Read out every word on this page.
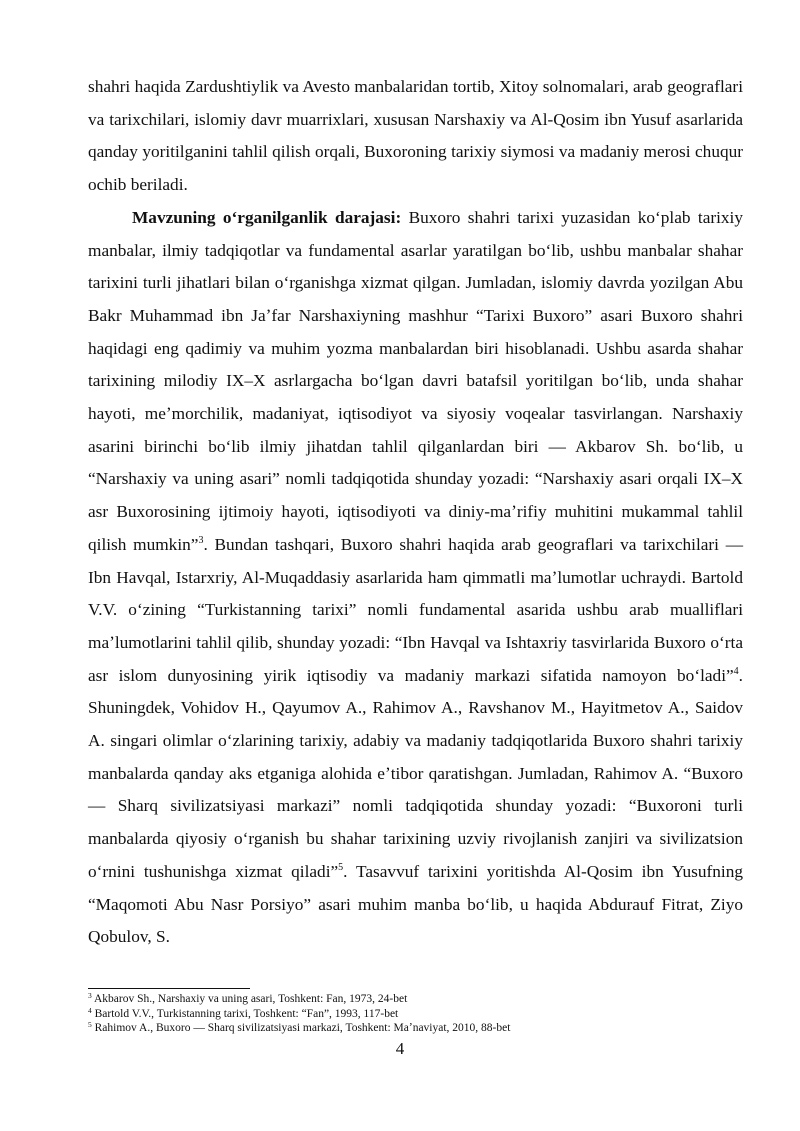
shahri haqida Zardushtiylik va Avesto manbalaridan tortib, Xitoy solnomalari, arab geograflari va tarixchilari, islomiy davr muarrixlari, xususan Narshaxiy va Al-Qosim ibn Yusuf asarlarida qanday yoritilganini tahlil qilish orqali, Buxoroning tarixiy siymosi va madaniy merosi chuqur ochib beriladi.

Mavzuning oʻrganilganlik darajasi: Buxoro shahri tarixi yuzasidan koʻplab tarixiy manbalar, ilmiy tadqiqotlar va fundamental asarlar yaratilgan boʻlib, ushbu manbalar shahar tarixini turli jihatlari bilan oʻrganishga xizmat qilgan. Jumladan, islomiy davrda yozilgan Abu Bakr Muhammad ibn Jaʼfar Narshaxiyning mashhur “Tarixi Buxoro” asari Buxoro shahri haqidagi eng qadimiy va muhim yozma manbalardan biri hisoblanadi. Ushbu asarda shahar tarixining milodiy IX–X asrlargacha boʻlgan davri batafsil yoritilgan boʻlib, unda shahar hayoti, meʼmorchilik, madaniyat, iqtisodiyot va siyosiy voqealar tasvirlangan. Narshaxiy asarini birinchi boʻlib ilmiy jihatdan tahlil qilganlardan biri — Akbarov Sh. boʻlib, u “Narshaxiy va uning asari” nomli tadqiqotida shunday yozadi: “Narshaxiy asari orqali IX–X asr Buxorosining ijtimoiy hayoti, iqtisodiyoti va diniy-maʼrifiy muhitini mukammal tahlil qilish mumkin”$^3$. Bundan tashqari, Buxoro shahri haqida arab geograflari va tarixchilari — Ibn Havqal, Istarxriy, Al-Muqaddasiy asarlarida ham qimmatli maʼlumotlar uchraydi. Bartold V.V. oʻzining “Turkistanning tarixi” nomli fundamental asarida ushbu arab mualliflari maʼlumotlarini tahlil qilib, shunday yozadi: “Ibn Havqal va Ishtaxriy tasvirlarida Buxoro oʻrta asr islom dunyosining yirik iqtisodiy va madaniy markazi sifatida namoyon boʻladi”$^4$. Shuningdek, Vohidov H., Qayumov A., Rahimov A., Ravshanov M., Hayitmetov A., Saidov A. singari olimlar oʻzlarining tarixiy, adabiy va madaniy tadqiqotlarida Buxoro shahri tarixiy manbalarda qanday aks etganiga alohida eʼtibor qaratishgan. Jumladan, Rahimov A. “Buxoro — Sharq sivilizatsiyasi markazi” nomli tadqiqotida shunday yozadi: “Buxoroni turli manbalarda qiyosiy oʻrganish bu shahar tarixining uzviy rivojlanish zanjiri va sivilizatsion oʻrnini tushunishga xizmat qiladi”$^5$. Tasavvuf tarixini yoritishda Al-Qosim ibn Yusufning “Maqomoti Abu Nasr Porsiyo” asari muhim manba boʻlib, u haqida Abdurauf Fitrat, Ziyo Qobulov, S.

$^3$ Akbarov Sh., Narshaxiy va uning asari, Toshkent: Fan, 1973, 24-bet
$^4$ Bartold V.V., Turkistanning tarixi, Toshkent: “Fan”, 1993, 117-bet
$^5$ Rahimov A., Buxoro — Sharq sivilizatsiyasi markazi, Toshkent: Maʼnaviyat, 2010, 88-bet
4
